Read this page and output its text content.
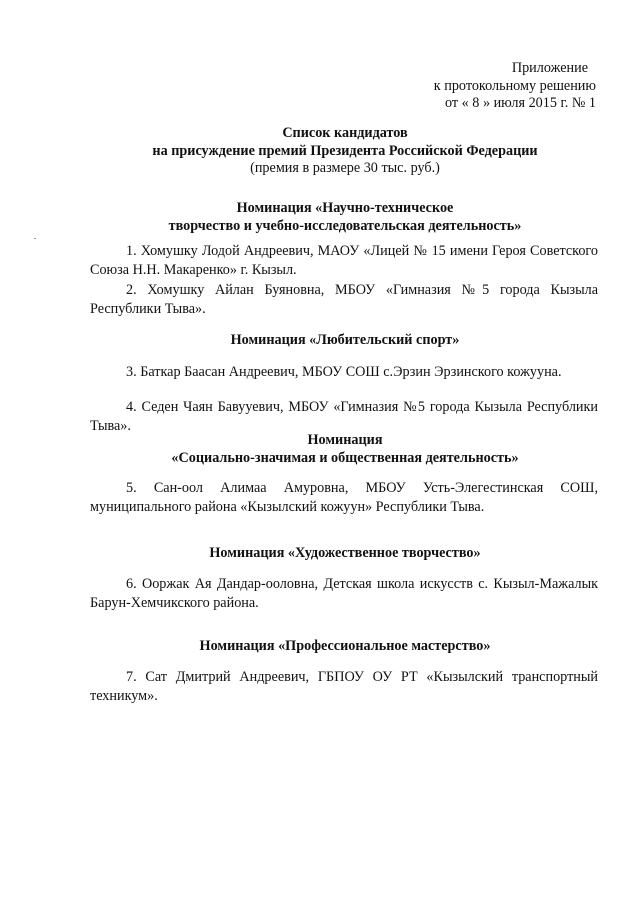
Приложение
к протокольному решению
от « 8 » июля 2015 г. № 1
Список кандидатов
на присуждение премий Президента Российской Федерации
(премия в размере 30 тыс. руб.)
Номинация «Научно-техническое
творчество и учебно-исследовательская деятельность»
1. Хомушку Лодой Андреевич, МАОУ «Лицей № 15 имени Героя Советского Союза Н.Н. Макаренко» г. Кызыл.
2. Хомушку Айлан Буяновна, МБОУ «Гимназия №5 города Кызыла Республики Тыва».
Номинация «Любительский спорт»
3. Баткар Баасан Андреевич, МБОУ СОШ с.Эрзин Эрзинского кожууна.
4. Седен Чаян Бавууевич, МБОУ «Гимназия №5 города Кызыла Республики Тыва».
Номинация
«Социально-значимая и общественная деятельность»
5. Сан-оол Алимаа Амуровна, МБОУ Усть-Элегестинская СОШ, муниципального района «Кызылский кожуун» Республики Тыва.
Номинация «Художественное творчество»
6. Ооржак Ая Дандар-ооловна, Детская школа искусств с. Кызыл-Мажалык Барун-Хемчикского района.
Номинация «Профессиональное мастерство»
7. Сат Дмитрий Андреевич, ГБПОУ ОУ РТ «Кызылский транспортный техникум».
